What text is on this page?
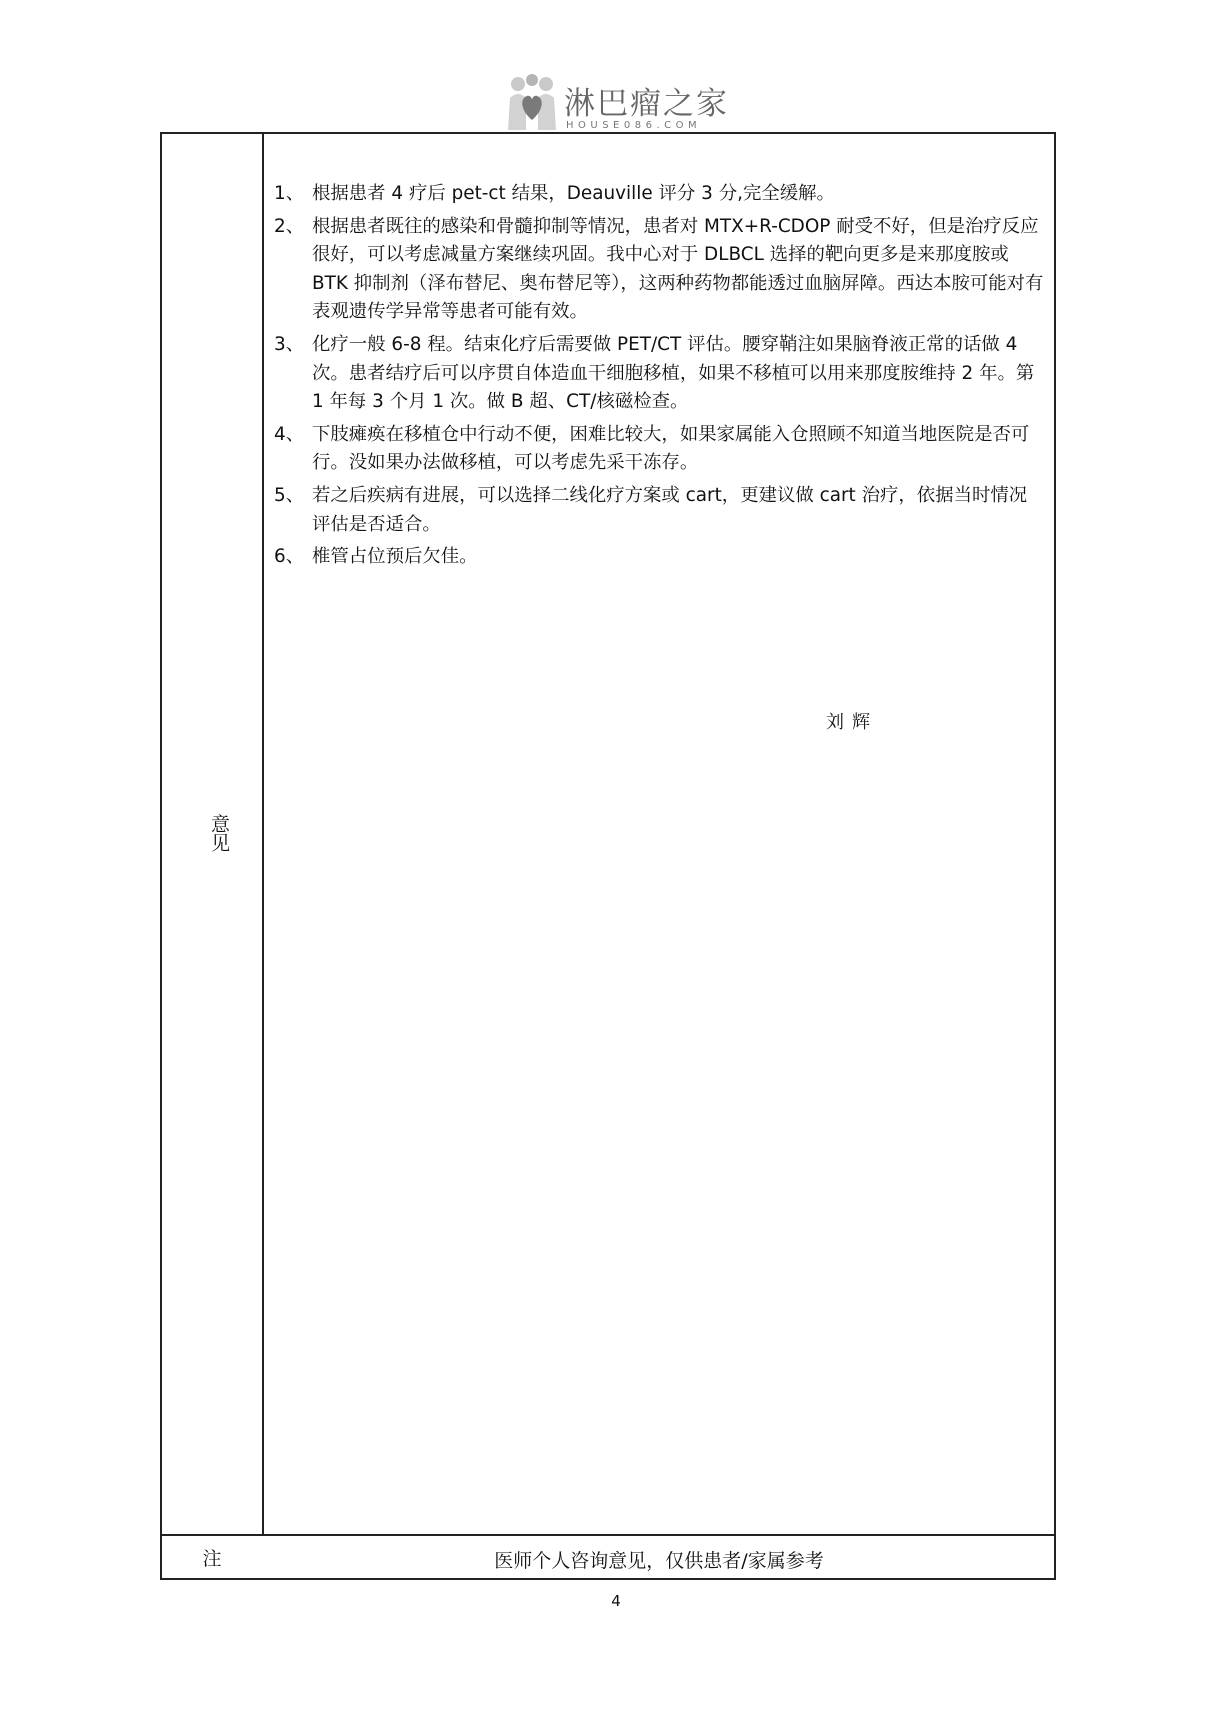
淋巴瘤之家
HOUSE086.COM
意见
1、 根据患者 4 疗后 pet-ct 结果，Deauville 评分 3 分,完全缓解。
2、 根据患者既往的感染和骨髓抑制等情况，患者对 MTX+R-CDOP 耐受不好，但是治疗反应很好，可以考虑减量方案继续巩固。我中心对于 DLBCL 选择的靶向更多是来那度胺或 BTK 抑制剂（泽布替尼、奥布替尼等），这两种药物都能透过血脑屏障。西达本胺可能对有表观遗传学异常等患者可能有效。
3、 化疗一般 6-8 程。结束化疗后需要做 PET/CT 评估。腰穿鞘注如果脑脊液正常的话做 4 次。患者结疗后可以序贯自体造血干细胞移植，如果不移植可以用来那度胺维持 2 年。第 1 年每 3 个月 1 次。做 B 超、CT/核磁检查。
4、 下肢瘫痪在移植仓中行动不便，困难比较大，如果家属能入仓照顾不知道当地医院是否可行。没如果办法做移植，可以考虑先采干冻存。
5、 若之后疾病有进展，可以选择二线化疗方案或 cart，更建议做 cart 治疗，依据当时情况评估是否适合。
6、 椎管占位预后欠佳。
刘辉
注	医师个人咨询意见，仅供患者/家属参考
4
